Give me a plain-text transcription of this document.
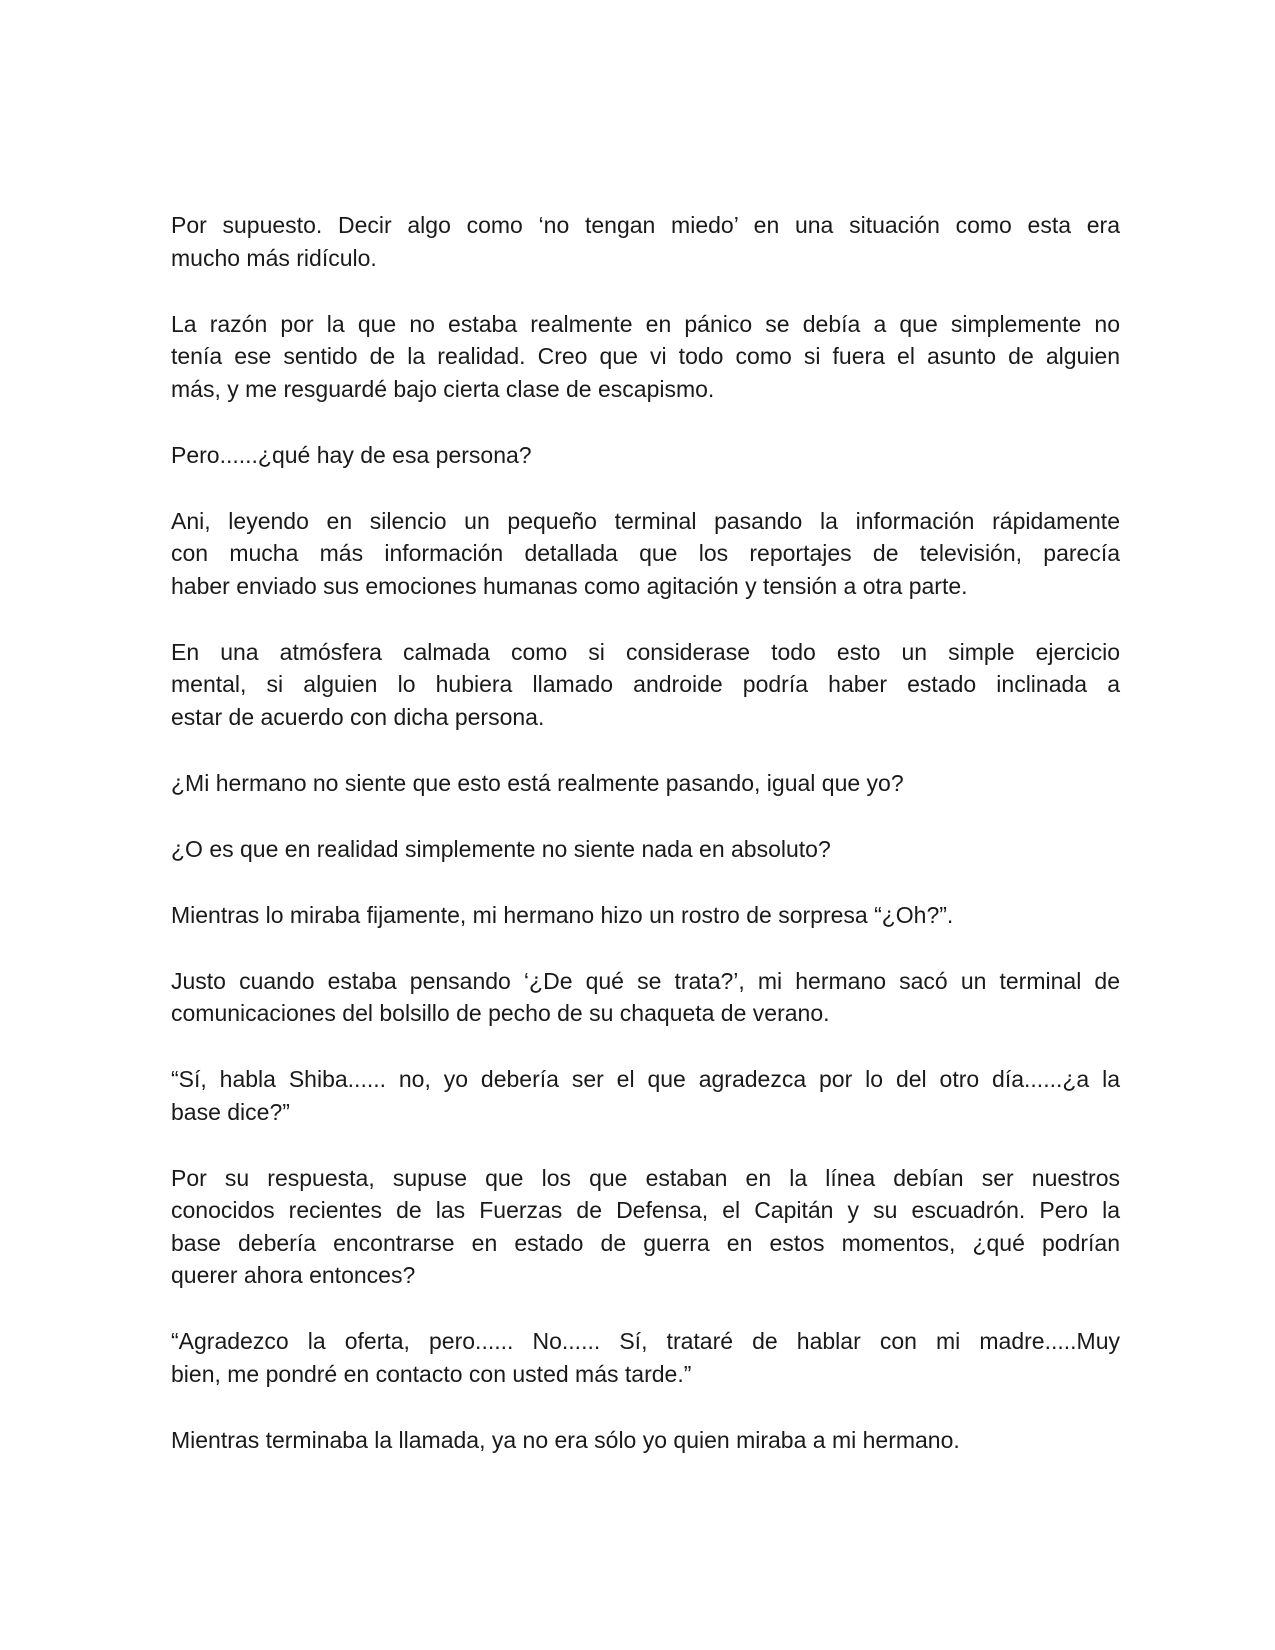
Por supuesto. Decir algo como ‘no tengan miedo’ en una situación como esta era
mucho más ridículo.
La razón por la que no estaba realmente en pánico se debía a que simplemente no
tenía ese sentido de la realidad. Creo que vi todo como si fuera el asunto de alguien
más, y me resguardé bajo cierta clase de escapismo.
Pero......¿qué hay de esa persona?
Ani, leyendo en silencio un pequeño terminal pasando la información rápidamente
con mucha más información detallada que los reportajes de televisión, parecía
haber enviado sus emociones humanas como agitación y tensión a otra parte.
En una atmósfera calmada como si considerase todo esto un simple ejercicio
mental, si alguien lo hubiera llamado androide podría haber estado inclinada a
estar de acuerdo con dicha persona.
¿Mi hermano no siente que esto está realmente pasando, igual que yo?
¿O es que en realidad simplemente no siente nada en absoluto?
Mientras lo miraba fijamente, mi hermano hizo un rostro de sorpresa “¿Oh?”.
Justo cuando estaba pensando ‘¿De qué se trata?’, mi hermano sacó un terminal de
comunicaciones del bolsillo de pecho de su chaqueta de verano.
“Sí, habla Shiba...... no, yo debería ser el que agradezca por lo del otro día......¿a la
base dice?”
Por su respuesta, supuse que los que estaban en la línea debían ser nuestros
conocidos recientes de las Fuerzas de Defensa, el Capitán y su escuadrón. Pero la
base debería encontrarse en estado de guerra en estos momentos, ¿qué podrían
querer ahora entonces?
“Agradezco la oferta, pero...... No...... Sí, trataré de hablar con mi madre.....Muy
bien, me pondré en contacto con usted más tarde.”
Mientras terminaba la llamada, ya no era sólo yo quien miraba a mi hermano.
